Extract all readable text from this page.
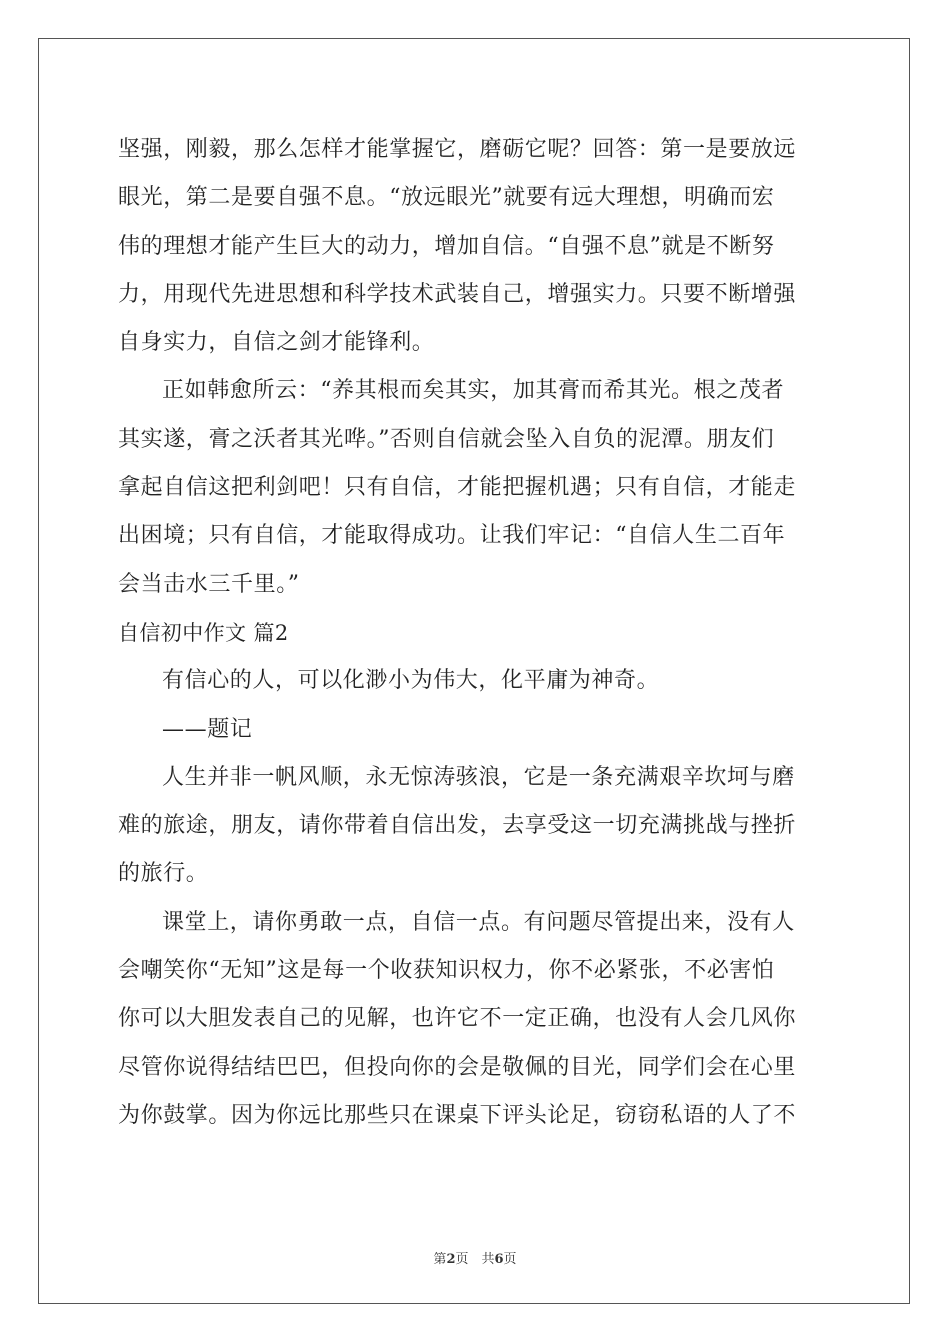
坚强，刚毅，那么怎样才能掌握它，磨砺它呢？回答：第一是要放远
眼光，第二是要自强不息。“放远眼光”就要有远大理想，明确而宏
伟的理想才能产生巨大的动力，增加自信。“自强不息”就是不断努
力，用现代先进思想和科学技术武装自己，增强实力。只要不断增强
自身实力，自信之剑才能锋利。
正如韩愈所云：“养其根而矣其实，加其膏而希其光。根之茂者
其实遂，膏之沃者其光哗。”否则自信就会坠入自负的泥潭。朋友们
拿起自信这把利剑吧！只有自信，才能把握机遇；只有自信，才能走
出困境；只有自信，才能取得成功。让我们牢记：“自信人生二百年
会当击水三千里。”
自信初中作文 篇2
有信心的人，可以化渺小为伟大，化平庸为神奇。
——题记
人生并非一帆风顺，永无惊涛骇浪，它是一条充满艰辛坎坷与磨
难的旅途，朋友，请你带着自信出发，去享受这一切充满挑战与挫折
的旅行。
课堂上，请你勇敢一点，自信一点。有问题尽管提出来，没有人
会嘲笑你“无知”这是每一个收获知识权力，你不必紧张，不必害怕
你可以大胆发表自己的见解，也许它不一定正确，也没有人会几风你
尽管你说得结结巴巴，但投向你的会是敬佩的目光，同学们会在心里
为你鼓掌。因为你远比那些只在课桌下评头论足，窃窃私语的人了不
第2页　共6页
